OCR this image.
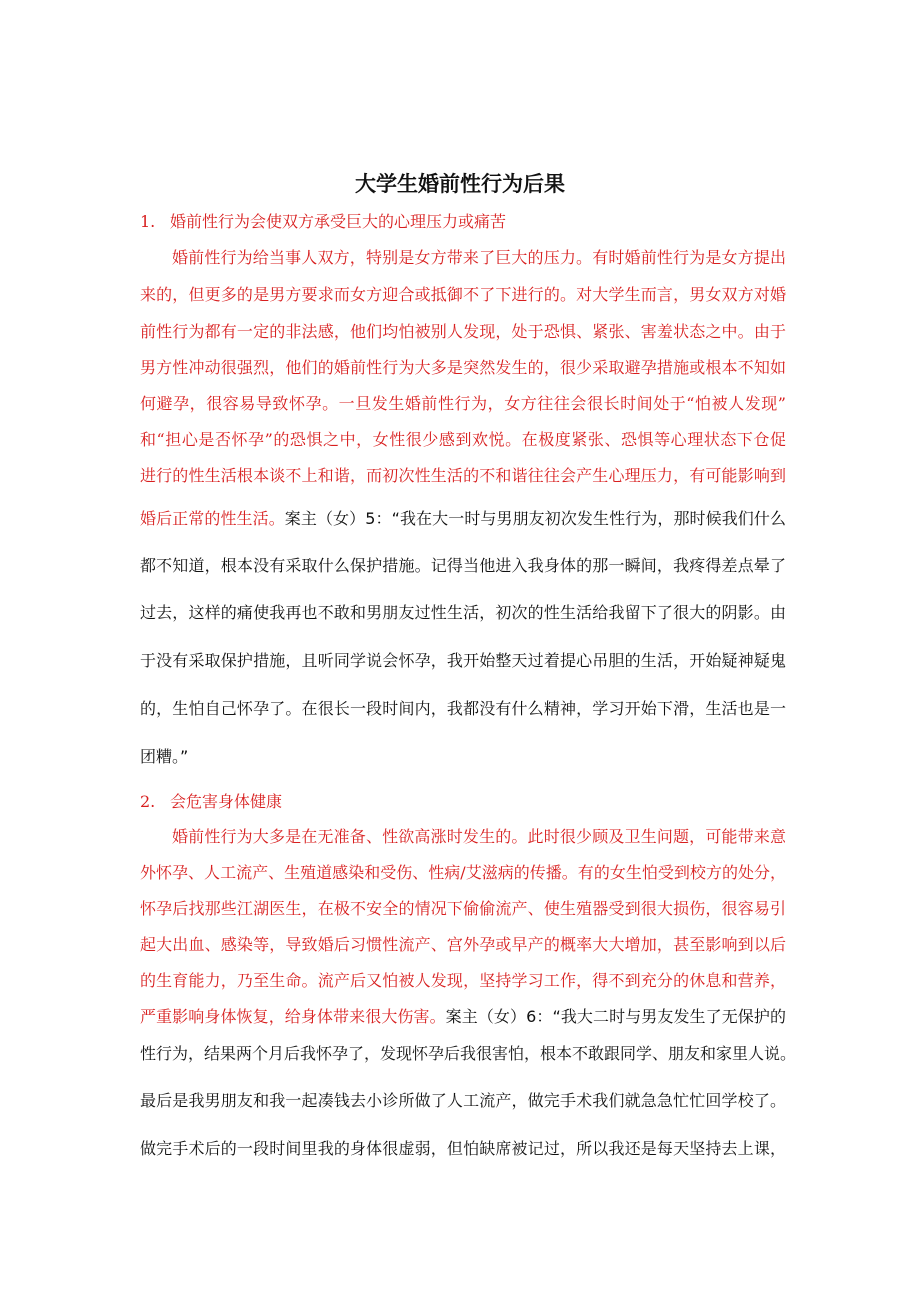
大学生婚前性行为后果
1. 婚前性行为会使双方承受巨大的心理压力或痛苦
婚前性行为给当事人双方，特别是女方带来了巨大的压力。有时婚前性行为是女方提出
来的，但更多的是男方要求而女方迎合或抵御不了下进行的。对大学生而言，男女双方对婚
前性行为都有一定的非法感，他们均怕被别人发现，处于恐惧、紧张、害羞状态之中。由于
男方性冲动很强烈，他们的婚前性行为大多是突然发生的，很少采取避孕措施或根本不知如
何避孕，很容易导致怀孕。一旦发生婚前性行为，女方往往会很长时间处于“怕被人发现”
和“担心是否怀孕”的恐惧之中，女性很少感到欢悦。在极度紧张、恐惧等心理状态下仓促
进行的性生活根本谈不上和谐，而初次性生活的不和谐往往会产生心理压力，有可能影响到
婚后正常的性生活。案主（女）5：“我在大一时与男朋友初次发生性行为，那时候我们什么
都不知道，根本没有采取什么保护措施。记得当他进入我身体的那一瞬间，我疼得差点晕了
过去，这样的痛使我再也不敢和男朋友过性生活，初次的性生活给我留下了很大的阴影。由
于没有采取保护措施，且听同学说会怀孕，我开始整天过着提心吊胆的生活，开始疑神疑鬼
的，生怕自己怀孕了。在很长一段时间内，我都没有什么精神，学习开始下滑，生活也是一
团糟。”
2. 会危害身体健康
婚前性行为大多是在无准备、性欲高涨时发生的。此时很少顾及卫生问题，可能带来意
外怀孕、人工流产、生殖道感染和受伤、性病/艾滋病的传播。有的女生怕受到校方的处分，
怀孕后找那些江湖医生，在极不安全的情况下偷偷流产、使生殖器受到很大损伤，很容易引
起大出血、感染等，导致婚后习惯性流产、宫外孕或早产的概率大大增加，甚至影响到以后
的生育能力，乃至生命。流产后又怕被人发现，坚持学习工作，得不到充分的休息和营养，
严重影响身体恢复，给身体带来很大伤害。案主（女）6：“我大二时与男友发生了无保护的
性行为，结果两个月后我怀孕了，发现怀孕后我很害怕，根本不敢跟同学、朋友和家里人说。
最后是我男朋友和我一起凑钱去小诊所做了人工流产，做完手术我们就急急忙忙回学校了。
做完手术后的一段时间里我的身体很虚弱，但怕缺席被记过，所以我还是每天坚持去上课，
